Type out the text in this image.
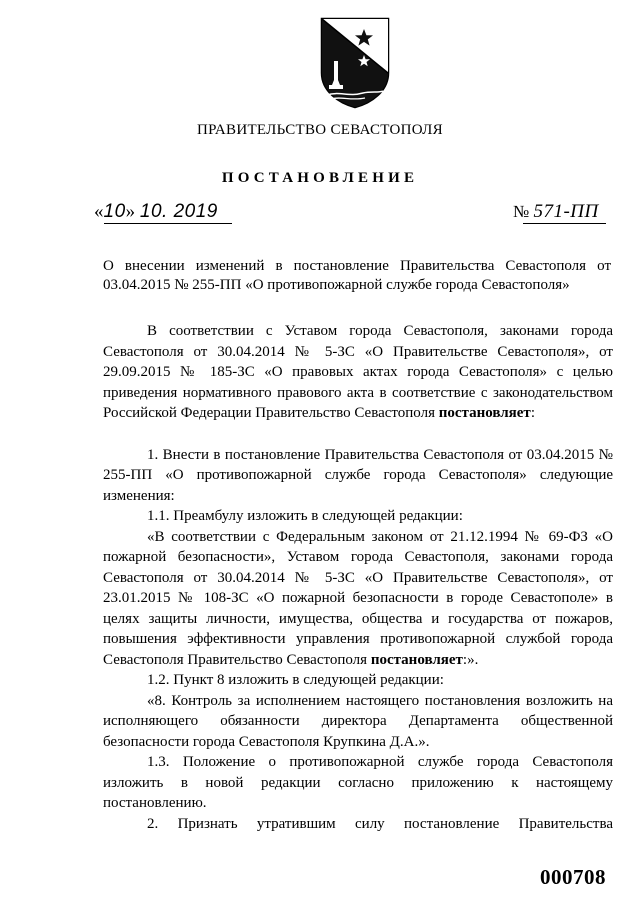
ПРАВИТЕЛЬСТВО СЕВАСТОПОЛЯ
ПОСТАНОВЛЕНИЕ
«10» 10. 2019	№ 571-ПП
О внесении изменений в постановление Правительства Севастополя от 03.04.2015 № 255-ПП «О противопожарной службе города Севастополя»

В соответствии с Уставом города Севастополя, законами города Севастополя от 30.04.2014 № 5-ЗС «О Правительстве Севастополя», от 29.09.2015 № 185-ЗС «О правовых актах города Севастополя» с целью приведения нормативного правового акта в соответствие с законодательством Российской Федерации Правительство Севастополя постановляет:

1. Внести в постановление Правительства Севастополя от 03.04.2015 № 255-ПП «О противопожарной службе города Севастополя» следующие изменения:

1.1. Преамбулу изложить в следующей редакции:

«В соответствии с Федеральным законом от 21.12.1994 № 69-ФЗ «О пожарной безопасности», Уставом города Севастополя, законами города Севастополя от 30.04.2014 № 5-ЗС «О Правительстве Севастополя», от 23.01.2015 № 108-ЗС «О пожарной безопасности в городе Севастополе» в целях защиты личности, имущества, общества и государства от пожаров, повышения эффективности управления противопожарной службой города Севастополя Правительство Севастополя постановляет:».

1.2. Пункт 8 изложить в следующей редакции:

«8. Контроль за исполнением настоящего постановления возложить на исполняющего обязанности директора Департамента общественной безопасности города Севастополя Крупкина Д.А.».

1.3. Положение о противопожарной службе города Севастополя изложить в новой редакции согласно приложению к настоящему постановлению.

2. Признать утратившим силу постановление Правительства

000708
